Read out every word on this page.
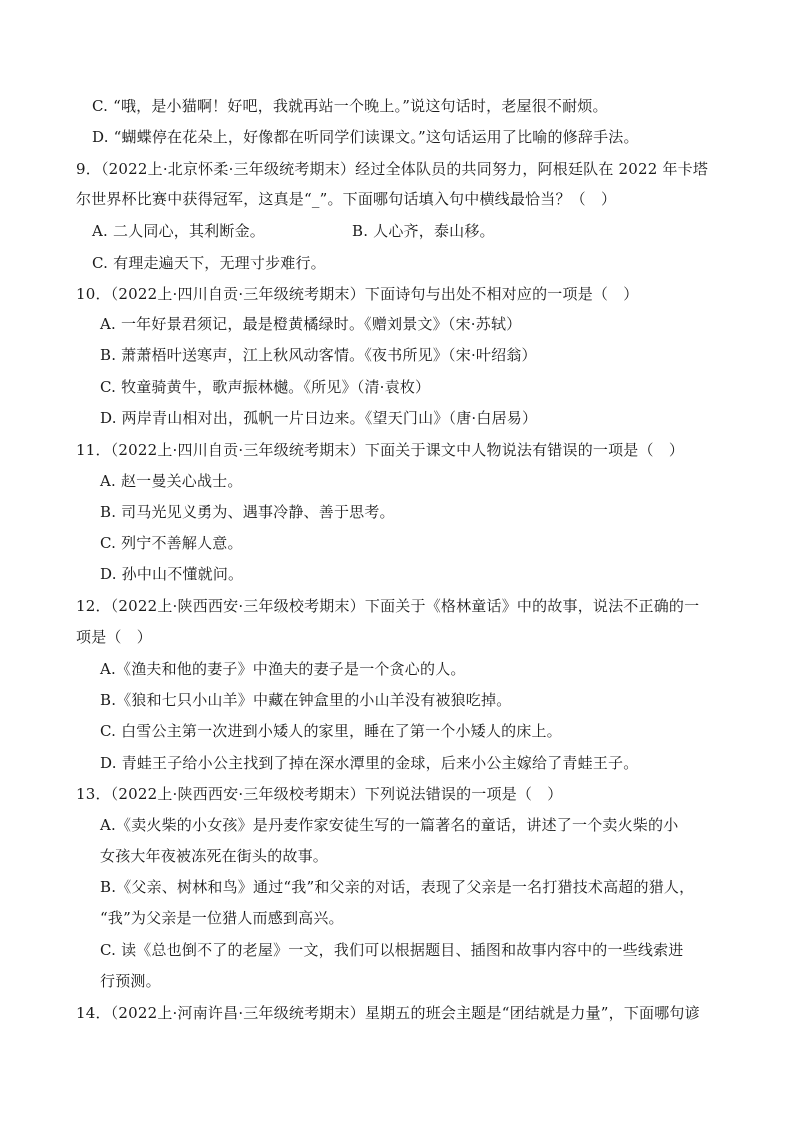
C. “哦，是小猫啊！好吧，我就再站一个晚上。”说这句话时，老屋很不耐烦。
D. “蝴蝶停在花朵上，好像都在听同学们读课文。”这句话运用了比喻的修辞手法。
9．（2022上·北京怀柔·三年级统考期末）经过全体队员的共同努力，阿根廷队在 2022 年卡塔
尔世界杯比赛中获得冠军，这真是“_”。下面哪句话填入句中横线最恰当？（　）
A. 二人同心，其利断金。	B. 人心齐，泰山移。
C. 有理走遍天下，无理寸步难行。
10．（2022上·四川自贡·三年级统考期末）下面诗句与出处不相对应的一项是（　）
A. 一年好景君须记，最是橙黄橘绿时。《赠刘景文》（宋·苏轼）
B. 萧萧梧叶送寒声，江上秋风动客情。《夜书所见》（宋·叶绍翁）
C. 牧童骑黄牛，歌声振林樾。《所见》（清·袁枚）
D. 两岸青山相对出，孤帆一片日边来。《望天门山》（唐·白居易）
11．（2022上·四川自贡·三年级统考期末）下面关于课文中人物说法有错误的一项是（　）
A. 赵一曼关心战士。
B. 司马光见义勇为、遇事冷静、善于思考。
C. 列宁不善解人意。
D. 孙中山不懂就问。
12．（2022上·陕西西安·三年级校考期末）下面关于《格林童话》中的故事，说法不正确的一
项是（　）
A.《渔夫和他的妻子》中渔夫的妻子是一个贪心的人。
B.《狼和七只小山羊》中藏在钟盒里的小山羊没有被狼吃掉。
C. 白雪公主第一次进到小矮人的家里，睡在了第一个小矮人的床上。
D. 青蛙王子给小公主找到了掉在深水潭里的金球，后来小公主嫁给了青蛙王子。
13．（2022上·陕西西安·三年级校考期末）下列说法错误的一项是（　）
A.《卖火柴的小女孩》是丹麦作家安徒生写的一篇著名的童话，讲述了一个卖火柴的小
女孩大年夜被冻死在街头的故事。
B.《父亲、树林和鸟》通过“我”和父亲的对话，表现了父亲是一名打猎技术高超的猎人，
“我”为父亲是一位猎人而感到高兴。
C. 读《总也倒不了的老屋》一文，我们可以根据题目、插图和故事内容中的一些线索进
行预测。
14．（2022上·河南许昌·三年级统考期末）星期五的班会主题是“团结就是力量”，下面哪句谚
